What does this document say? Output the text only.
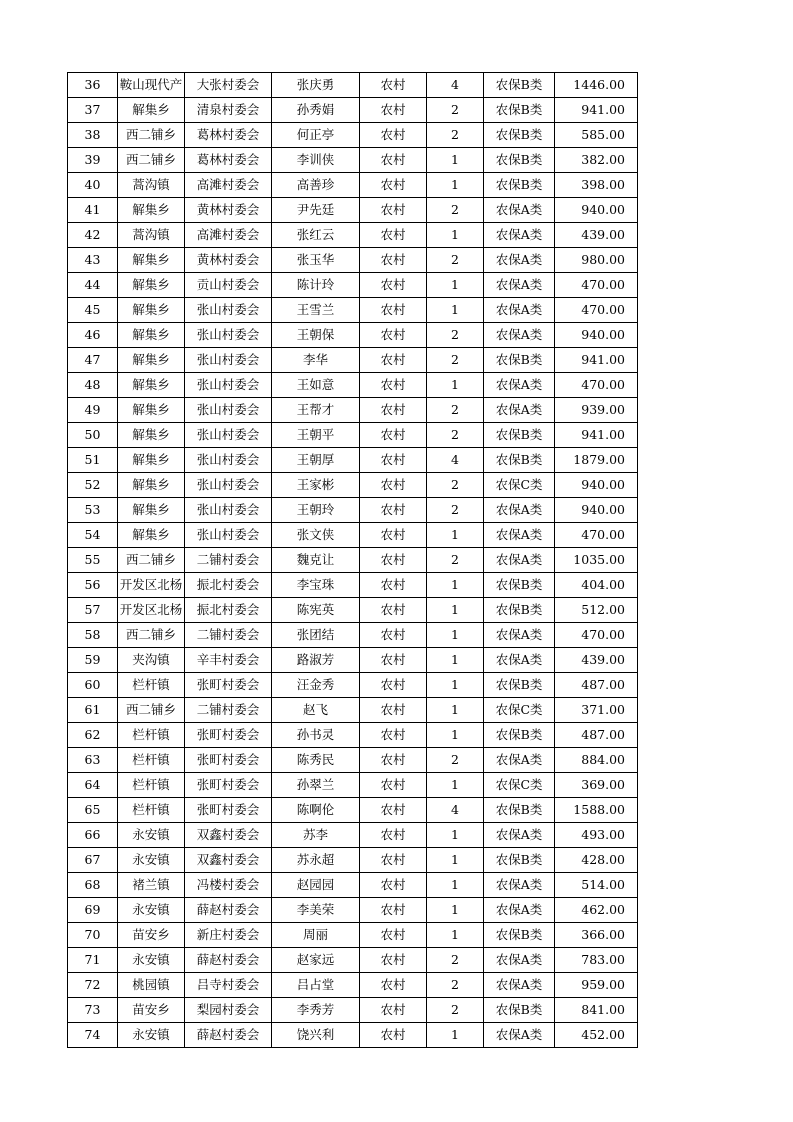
36	鞍山现代产	大张村委会	张庆勇	农村	4	农保B类	1446.00
37	解集乡	清泉村委会	孙秀娟	农村	2	农保B类	941.00
38	西二铺乡	葛林村委会	何正亭	农村	2	农保B类	585.00
39	西二铺乡	葛林村委会	李训侠	农村	1	农保B类	382.00
40	蒿沟镇	高滩村委会	高善珍	农村	1	农保B类	398.00
41	解集乡	黄林村委会	尹先廷	农村	2	农保A类	940.00
42	蒿沟镇	高滩村委会	张红云	农村	1	农保A类	439.00
43	解集乡	黄林村委会	张玉华	农村	2	农保A类	980.00
44	解集乡	贡山村委会	陈计玲	农村	1	农保A类	470.00
45	解集乡	张山村委会	王雪兰	农村	1	农保A类	470.00
46	解集乡	张山村委会	王朝保	农村	2	农保A类	940.00
47	解集乡	张山村委会	李华	农村	2	农保B类	941.00
48	解集乡	张山村委会	王如意	农村	1	农保A类	470.00
49	解集乡	张山村委会	王帮才	农村	2	农保A类	939.00
50	解集乡	张山村委会	王朝平	农村	2	农保B类	941.00
51	解集乡	张山村委会	王朝厚	农村	4	农保B类	1879.00
52	解集乡	张山村委会	王家彬	农村	2	农保C类	940.00
53	解集乡	张山村委会	王朝玲	农村	2	农保A类	940.00
54	解集乡	张山村委会	张文侠	农村	1	农保A类	470.00
55	西二铺乡	二铺村委会	魏克让	农村	2	农保A类	1035.00
56	开发区北杨	振北村委会	李宝珠	农村	1	农保B类	404.00
57	开发区北杨	振北村委会	陈宪英	农村	1	农保B类	512.00
58	西二铺乡	二铺村委会	张团结	农村	1	农保A类	470.00
59	夹沟镇	辛丰村委会	路淑芳	农村	1	农保A类	439.00
60	栏杆镇	张町村委会	汪金秀	农村	1	农保B类	487.00
61	西二铺乡	二铺村委会	赵飞	农村	1	农保C类	371.00
62	栏杆镇	张町村委会	孙书灵	农村	1	农保B类	487.00
63	栏杆镇	张町村委会	陈秀民	农村	2	农保A类	884.00
64	栏杆镇	张町村委会	孙翠兰	农村	1	农保C类	369.00
65	栏杆镇	张町村委会	陈啊伦	农村	4	农保B类	1588.00
66	永安镇	双鑫村委会	苏李	农村	1	农保A类	493.00
67	永安镇	双鑫村委会	苏永超	农村	1	农保B类	428.00
68	褚兰镇	冯楼村委会	赵园园	农村	1	农保A类	514.00
69	永安镇	薛赵村委会	李美荣	农村	1	农保A类	462.00
70	苗安乡	新庄村委会	周丽	农村	1	农保B类	366.00
71	永安镇	薛赵村委会	赵家远	农村	2	农保A类	783.00
72	桃园镇	吕寺村委会	吕占堂	农村	2	农保A类	959.00
73	苗安乡	梨园村委会	李秀芳	农村	2	农保B类	841.00
74	永安镇	薛赵村委会	饶兴利	农村	1	农保A类	452.00
